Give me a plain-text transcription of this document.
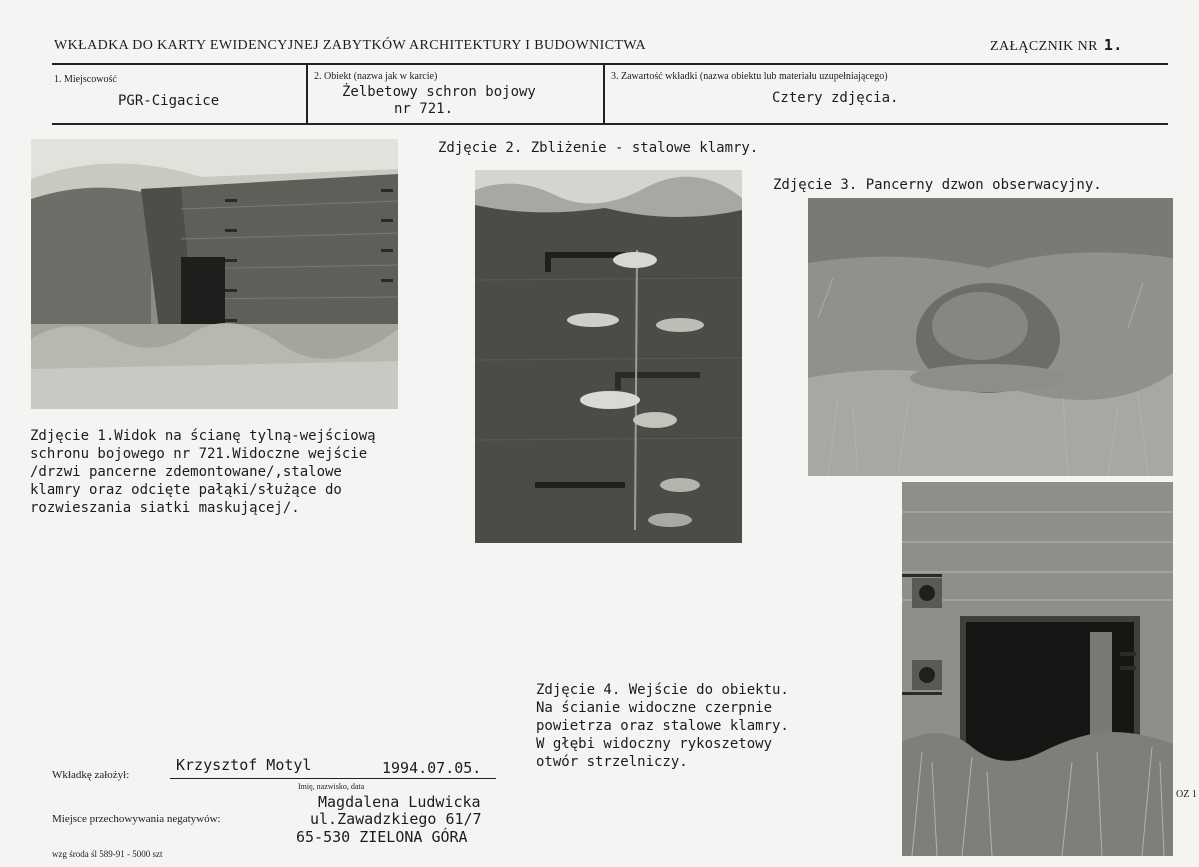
WKŁADKA DO KARTY EWIDENCYJNEJ ZABYTKÓW ARCHITEKTURY I BUDOWNICTWA	ZAŁĄCZNIK NR 1.
1. Miejscowość
PGR-Cigacice
2. Obiekt (nazwa jak w karcie)
Żelbetowy schron bojowy
nr 721.
3. Zawartość wkładki (nazwa obiektu lub materiału uzupełniającego)
Cztery zdjęcia.
Zdjęcie 1.Widok na ścianę tylną-wejściową
schronu bojowego nr 721.Widoczne wejście
/drzwi pancerne zdemontowane/,stalowe
klamry oraz odcięte pałąki/służące do
rozwieszania siatki maskującej/.
Zdjęcie 2. Zbliżenie - stalowe klamry.
Zdjęcie 3. Pancerny dzwon obserwacyjny.
Zdjęcie 4. Wejście do obiektu.
Na ścianie widoczne czerpnie
powietrza oraz stalowe klamry.
W głębi widoczny rykoszetowy
otwór strzelniczy.
Wkładkę założył:
Krzysztof Motyl	1994.07.05.
Imię, nazwisko, data
Miejsce przechowywania negatywów:
Magdalena Ludwicka
ul.Zawadzkiego 61/7
65-530 ZIELONA GÓRA
wzg środa śl 589-91 - 5000 szt
OZ 1
